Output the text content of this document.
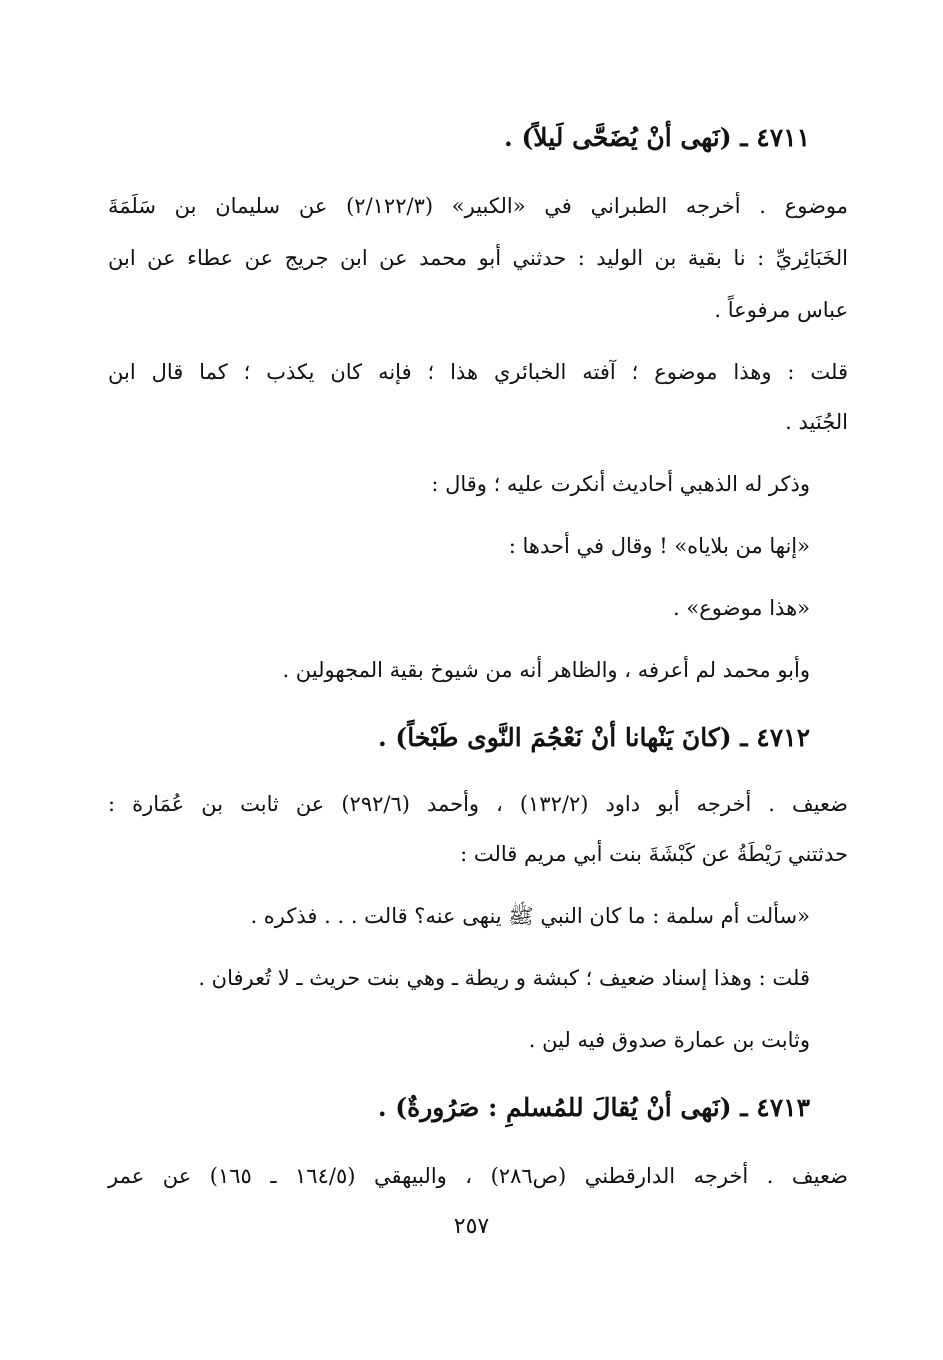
٤٧١١ ـ (نَهى أنْ يُضَحَّى لَيلاً) .
موضوع . أخرجه الطبراني في «الكبير» (٢/١٢٢/٣) عن سليمان بن سَلَمَةَ
الخَبَائِريِّ : نا بقية بن الوليد : حدثني أبو محمد عن ابن جريج عن عطاء عن ابن
عباس مرفوعاً .
قلت : وهذا موضوع ؛ آفته الخبائري هذا ؛ فإنه كان يكذب ؛ كما قال ابن
الجُنَيد .
وذكر له الذهبي أحاديث أنكرت عليه ؛ وقال :
«إنها من بلاياه» ! وقال في أحدها :
«هذا موضوع» .
وأبو محمد لم أعرفه ، والظاهر أنه من شيوخ بقية المجهولين .
٤٧١٢ ـ (كانَ يَنْهانا أنْ نَعْجُمَ النَّوى طَبْخاً) .
ضعيف . أخرجه أبو داود (١٣٢/٢) ، وأحمد (٢٩٢/٦) عن ثابت بن عُمَارة :
حدثتني رَيْطَةُ عن كَبْشَةَ بنت أبي مريم قالت :
«سألت أم سلمة : ما كان النبي ﷺ ينهى عنه؟ قالت . . . فذكره .
قلت : وهذا إسناد ضعيف ؛ كبشة و ريطة ـ وهي بنت حريث ـ لا تُعرفان .
وثابت بن عمارة صدوق فيه لين .
٤٧١٣ ـ (نَهى أنْ يُقالَ للمُسلمِ : صَرُورةٌ) .
ضعيف . أخرجه الدارقطني (ص٢٨٦) ، والبيهقي (١٦٤/٥ ـ ١٦٥) عن عمر
٢٥٧
